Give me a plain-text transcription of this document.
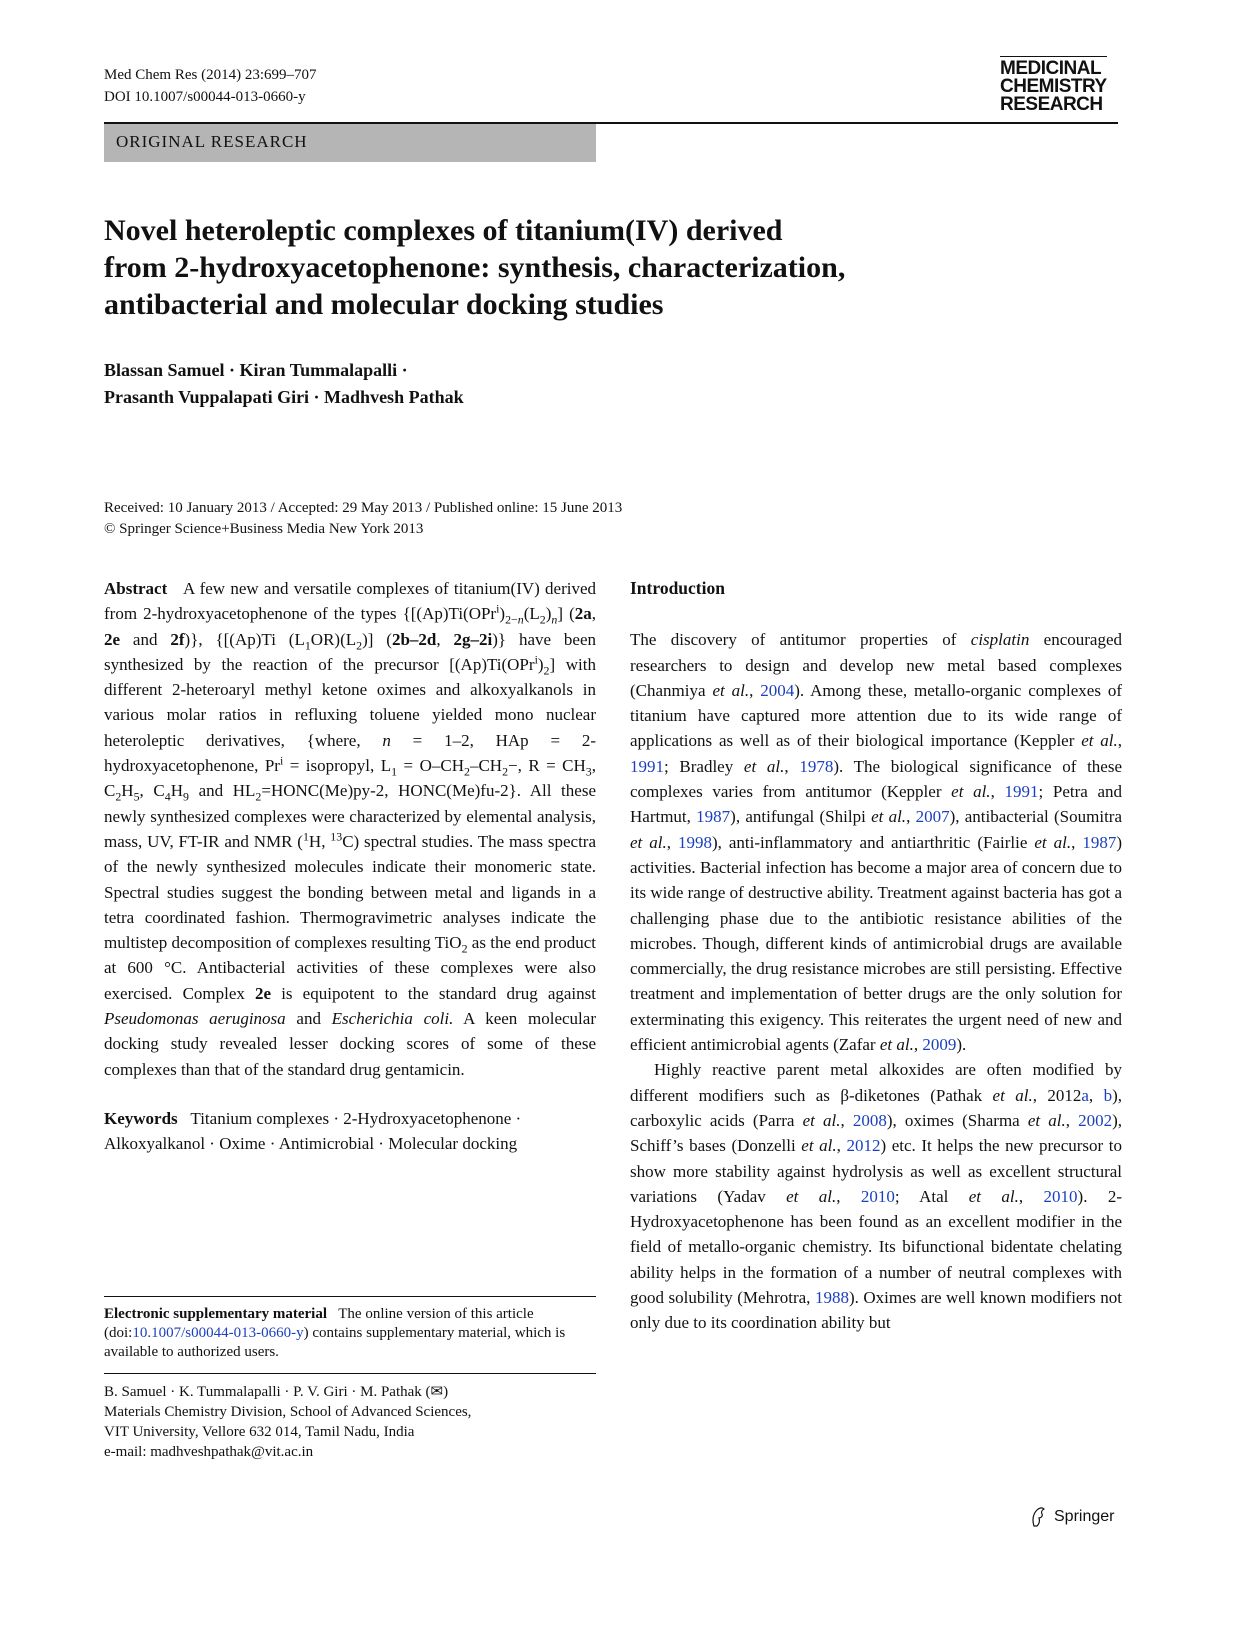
Med Chem Res (2014) 23:699–707
DOI 10.1007/s00044-013-0660-y
MEDICINAL
CHEMISTRY
RESEARCH
ORIGINAL RESEARCH
Novel heteroleptic complexes of titanium(IV) derived
from 2-hydroxyacetophenone: synthesis, characterization,
antibacterial and molecular docking studies
Blassan Samuel · Kiran Tummalapalli ·
Prasanth Vuppalapati Giri · Madhvesh Pathak
Received: 10 January 2013 / Accepted: 29 May 2013 / Published online: 15 June 2013
© Springer Science+Business Media New York 2013

Abstract A few new and versatile complexes of titanium(IV) derived from 2-hydroxyacetophenone of the types {$[(Ap)Ti(OPr^i)_{2-n}(L_2)_n]$ (2a, 2e and 2f)}, {[(Ap)Ti $(L_1OR)(L_2)$] (2b–2d, 2g–2i)} have been synthesized by the reaction of the precursor $[(Ap)Ti(OPr^i)_2]$ with different 2-heteroaryl methyl ketone oximes and alkoxyalkanols in various molar ratios in refluxing toluene yielded mono nuclear heteroleptic derivatives, {where, n = 1–2, HAp = 2-hydroxyacetophenone, $Pr^i$ = isopropyl, $L_1 = O-CH_2-CH_2-$, $R = CH_3$, $C_2H_5$, $C_4H_9$ and $HL_2=HONC(Me)py-2$, HONC(Me)fu-2}. All these newly synthesized complexes were characterized by elemental analysis, mass, UV, FT-IR and NMR ($^1$H, $^{13}$C) spectral studies. The mass spectra of the newly synthesized molecules indicate their monomeric state. Spectral studies suggest the bonding between metal and ligands in a tetra coordinated fashion. Thermogravimetric analyses indicate the multistep decomposition of complexes resulting TiO$_2$ as the end product at 600 °C. Antibacterial activities of these complexes were also exercised. Complex 2e is equipotent to the standard drug against Pseudomonas aeruginosa and Escherichia coli. A keen molecular docking study revealed lesser docking scores of some of these complexes than that of the standard drug gentamicin.

Keywords Titanium complexes · 2-Hydroxyacetophenone · Alkoxyalkanol · Oxime · Antimicrobial · Molecular docking

Electronic supplementary material The online version of this article (doi:10.1007/s00044-013-0660-y) contains supplementary material, which is available to authorized users.
B. Samuel · K. Tummalapalli · P. V. Giri · M. Pathak (✉)
Materials Chemistry Division, School of Advanced Sciences,
VIT University, Vellore 632 014, Tamil Nadu, India
e-mail: madhveshpathak@vit.ac.in

Introduction

The discovery of antitumor properties of cisplatin encouraged researchers to design and develop new metal based complexes (Chanmiya et al., 2004). Among these, metallo-organic complexes of titanium have captured more attention due to its wide range of applications as well as of their biological importance (Keppler et al., 1991; Bradley et al., 1978). The biological significance of these complexes varies from antitumor (Keppler et al., 1991; Petra and Hartmut, 1987), antifungal (Shilpi et al., 2007), antibacterial (Soumitra et al., 1998), anti-inflammatory and antiarthritic (Fairlie et al., 1987) activities. Bacterial infection has become a major area of concern due to its wide range of destructive ability. Treatment against bacteria has got a challenging phase due to the antibiotic resistance abilities of the microbes. Though, different kinds of antimicrobial drugs are available commercially, the drug resistance microbes are still persisting. Effective treatment and implementation of better drugs are the only solution for exterminating this exigency. This reiterates the urgent need of new and efficient antimicrobial agents (Zafar et al., 2009).

Highly reactive parent metal alkoxides are often modified by different modifiers such as β-diketones (Pathak et al., 2012a, b), carboxylic acids (Parra et al., 2008), oximes (Sharma et al., 2002), Schiff’s bases (Donzelli et al., 2012) etc. It helps the new precursor to show more stability against hydrolysis as well as excellent structural variations (Yadav et al., 2010; Atal et al., 2010). 2-Hydroxyacetophenone has been found as an excellent modifier in the field of metallo-organic chemistry. Its bifunctional bidentate chelating ability helps in the formation of a number of neutral complexes with good solubility (Mehrotra, 1988). Oximes are well known modifiers not only due to its coordination ability but

Springer
